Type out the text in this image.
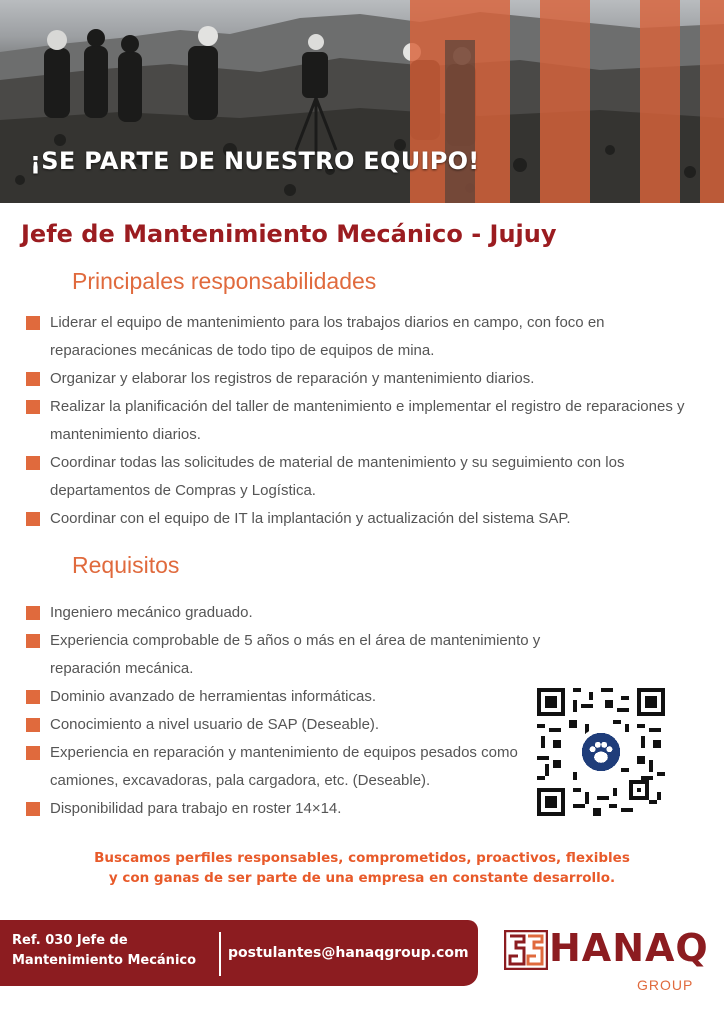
¡SE PARTE DE NUESTRO EQUIPO!
Jefe de Mantenimiento Mecánico - Jujuy
Principales responsabilidades
Liderar el equipo de mantenimiento para los trabajos diarios en campo, con foco en reparaciones mecánicas de todo tipo de equipos de mina.
Organizar y elaborar los registros de reparación y mantenimiento diarios.
Realizar la planificación del taller de mantenimiento e implementar el registro de reparaciones y mantenimiento diarios.
Coordinar todas las solicitudes de material de mantenimiento y su seguimiento con los departamentos de Compras y Logística.
Coordinar con el equipo de IT la implantación y actualización del sistema SAP.
Requisitos
Ingeniero mecánico graduado.
Experiencia comprobable de 5 años o más en el área de mantenimiento y reparación mecánica.
Dominio avanzado de herramientas informáticas.
Conocimiento a nivel usuario de SAP (Deseable).
Experiencia en reparación y mantenimiento de equipos pesados como camiones, excavadoras, pala cargadora, etc. (Deseable).
Disponibilidad para trabajo en roster 14×14.
Buscamos perfiles responsables, comprometidos, proactivos, flexibles
y con ganas de ser parte de una empresa en constante desarrollo.
Ref. 030 Jefe de
Mantenimiento Mecánico postulantes@hanaqgroup.com HANAQ
GROUP
